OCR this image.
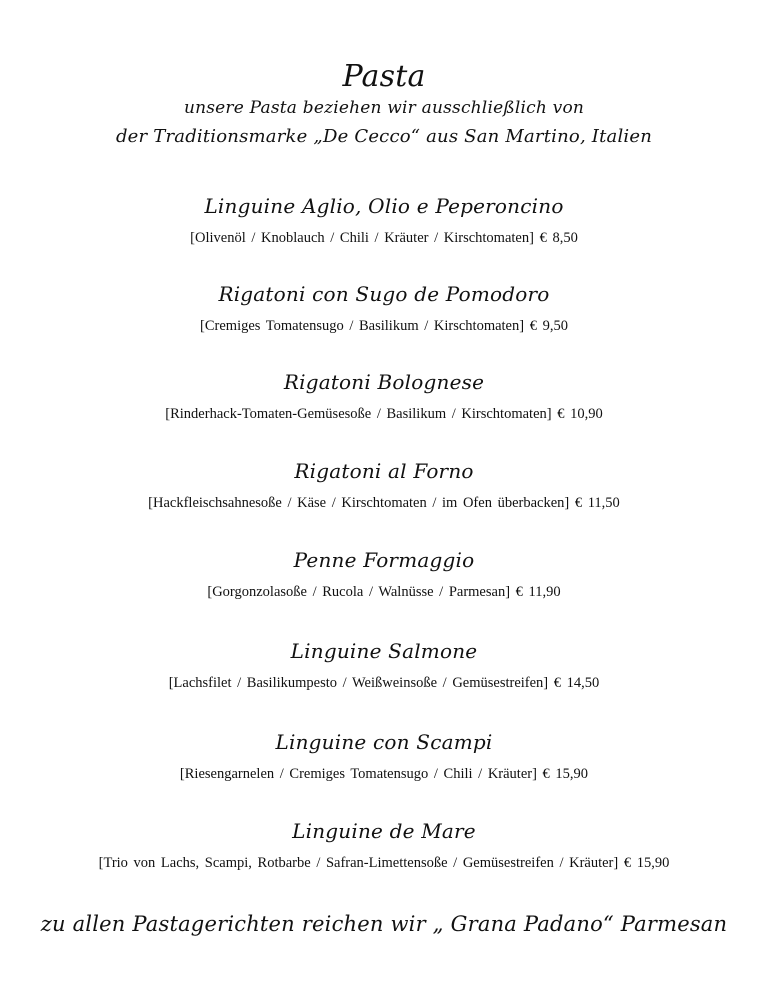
Pasta
unsere Pasta beziehen wir ausschließlich von
der Traditionsmarke „De Cecco“ aus San Martino, Italien
Linguine Aglio, Olio e Peperoncino
[Olivenöl / Knoblauch / Chili / Kräuter / Kirschtomaten] € 8,50
Rigatoni con Sugo de Pomodoro
[Cremiges Tomatensugo / Basilikum / Kirschtomaten] € 9,50
Rigatoni Bolognese
[Rinderhack-Tomaten-Gemüsesoße / Basilikum / Kirschtomaten] € 10,90
Rigatoni al Forno
[Hackfleischsahnesoße / Käse / Kirschtomaten / im Ofen überbacken] € 11,50
Penne Formaggio
[Gorgonzolasoße / Rucola / Walnüsse / Parmesan] € 11,90
Linguine Salmone
[Lachsfilet / Basilikumpesto / Weißweinsoße / Gemüsestreifen] € 14,50
Linguine con Scampi
[Riesengarnelen / Cremiges Tomatensugo / Chili / Kräuter] € 15,90
Linguine de Mare
[Trio von Lachs, Scampi, Rotbarbe / Safran-Limettensoße / Gemüsestreifen / Kräuter] € 15,90
zu allen Pastagerichten reichen wir „ Grana Padano“ Parmesan
